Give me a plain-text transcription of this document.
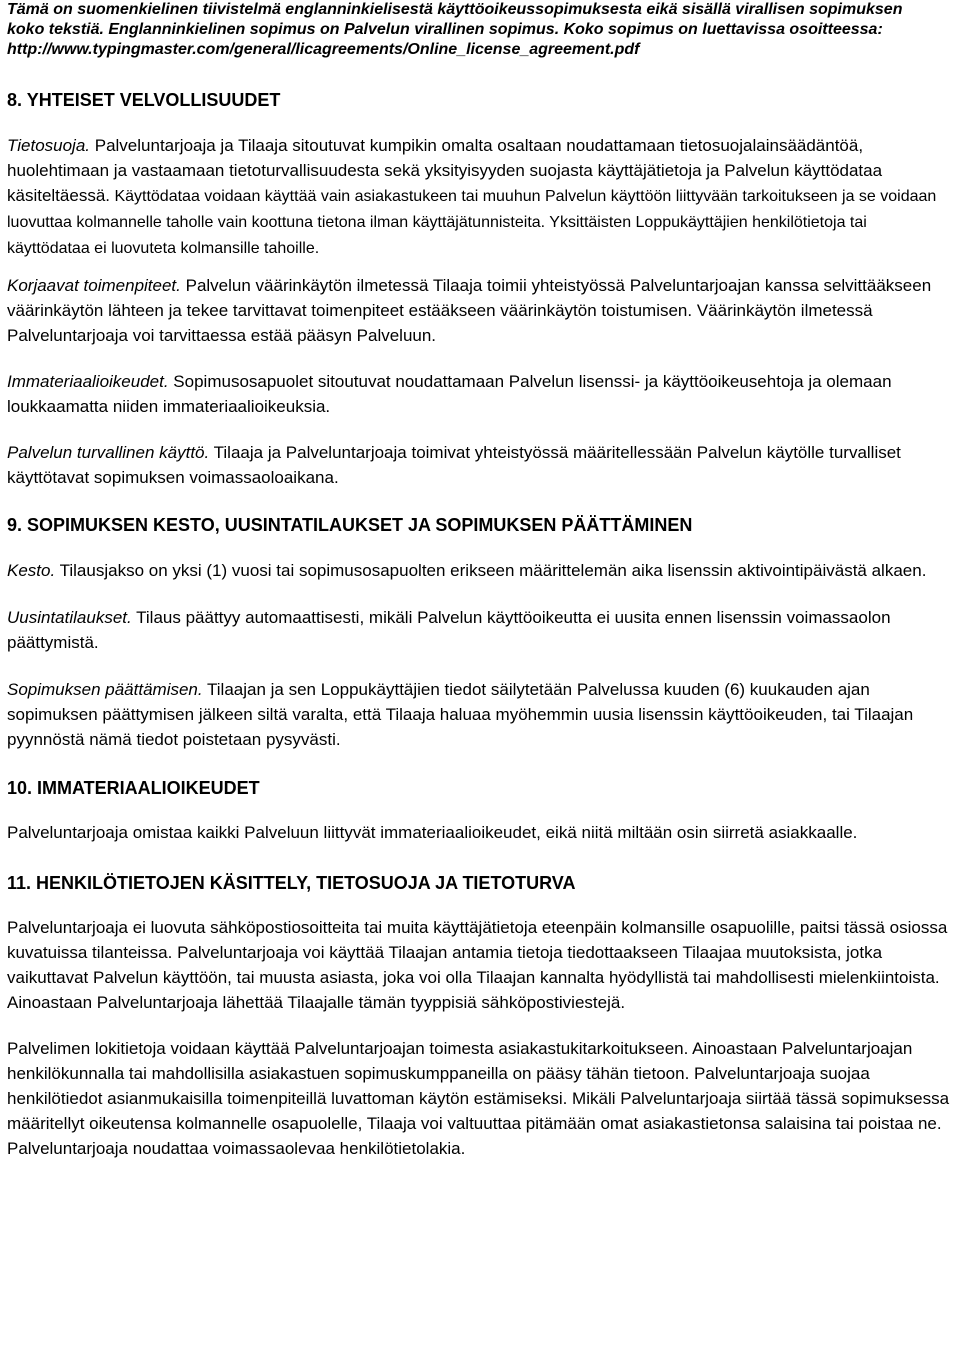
Tämä on suomenkielinen tiivistelmä englanninkielisestä käyttöoikeussopimuksesta eikä sisällä virallisen sopimuksen
koko tekstiä. Englanninkielinen sopimus on Palvelun virallinen sopimus. Koko sopimus on luettavissa osoitteessa:
http://www.typingmaster.com/general/licagreements/Online_license_agreement.pdf
8. YHTEISET VELVOLLISUUDET

Tietosuoja. Palveluntarjoaja ja Tilaaja sitoutuvat kumpikin omalta osaltaan noudattamaan tietosuojalainsäädäntöä, huolehtimaan ja vastaamaan tietoturvallisuudesta sekä yksityisyyden suojasta käyttäjätietoja ja Palvelun käyttödataa käsiteltäessä. Käyttödataa voidaan käyttää vain asiakastukeen tai muuhun Palvelun käyttöön liittyvään tarkoitukseen ja se voidaan luovuttaa kolmannelle taholle vain koottuna tietona ilman käyttäjätunnisteita. Yksittäisten Loppukäyttäjien henkilötietoja tai käyttödataa ei luovuteta kolmansille tahoille.

Korjaavat toimenpiteet. Palvelun väärinkäytön ilmetessä Tilaaja toimii yhteistyössä Palveluntarjoajan kanssa selvittääkseen väärinkäytön lähteen ja tekee tarvittavat toimenpiteet estääkseen väärinkäytön toistumisen. Väärinkäytön ilmetessä Palveluntarjoaja voi tarvittaessa estää pääsyn Palveluun.

Immateriaalioikeudet. Sopimusosapuolet sitoutuvat noudattamaan Palvelun lisenssi- ja käyttöoikeusehtoja ja olemaan loukkaamatta niiden immateriaalioikeuksia.

Palvelun turvallinen käyttö. Tilaaja ja Palveluntarjoaja toimivat yhteistyössä määritellessään Palvelun käytölle turvalliset käyttötavat sopimuksen voimassaoloaikana.

9. SOPIMUKSEN KESTO, UUSINTATILAUKSET JA SOPIMUKSEN PÄÄTTÄMINEN

Kesto. Tilausjakso on yksi (1) vuosi tai sopimusosapuolten erikseen määrittelemän aika lisenssin aktivointipäivästä alkaen.

Uusintatilaukset. Tilaus päättyy automaattisesti, mikäli Palvelun käyttöoikeutta ei uusita ennen lisenssin voimassaolon päättymistä.

Sopimuksen päättämisen. Tilaajan ja sen Loppukäyttäjien tiedot säilytetään Palvelussa kuuden (6) kuukauden ajan sopimuksen päättymisen jälkeen siltä varalta, että Tilaaja haluaa myöhemmin uusia lisenssin käyttöoikeuden, tai Tilaajan pyynnöstä nämä tiedot poistetaan pysyvästi.

10. IMMATERIAALIOIKEUDET

Palveluntarjoaja omistaa kaikki Palveluun liittyvät immateriaalioikeudet, eikä niitä miltään osin siirretä asiakkaalle.

11. HENKILÖTIETOJEN KÄSITTELY, TIETOSUOJA JA TIETOTURVA

Palveluntarjoaja ei luovuta sähköpostiosoitteita tai muita käyttäjätietoja eteenpäin kolmansille osapuolille, paitsi tässä osiossa kuvatuissa tilanteissa. Palveluntarjoaja voi käyttää Tilaajan antamia tietoja tiedottaakseen Tilaajaa muutoksista, jotka vaikuttavat Palvelun käyttöön, tai muusta asiasta, joka voi olla Tilaajan kannalta hyödyllistä tai mahdollisesti mielenkiintoista. Ainoastaan Palveluntarjoaja lähettää Tilaajalle tämän tyyppisiä sähköpostiviestejä.

Palvelimen lokitietoja voidaan käyttää Palveluntarjoajan toimesta asiakastukitarkoitukseen. Ainoastaan Palveluntarjoajan henkilökunnalla tai mahdollisilla asiakastuen sopimuskumppaneilla on pääsy tähän tietoon. Palveluntarjoaja suojaa henkilötiedot asianmukaisilla toimenpiteillä luvattoman käytön estämiseksi. Mikäli Palveluntarjoaja siirtää tässä sopimuksessa määritellyt oikeutensa kolmannelle osapuolelle, Tilaaja voi valtuuttaa pitämään omat asiakastietonsa salaisina tai poistaa ne. Palveluntarjoaja noudattaa voimassaolevaa henkilötietolakia.
